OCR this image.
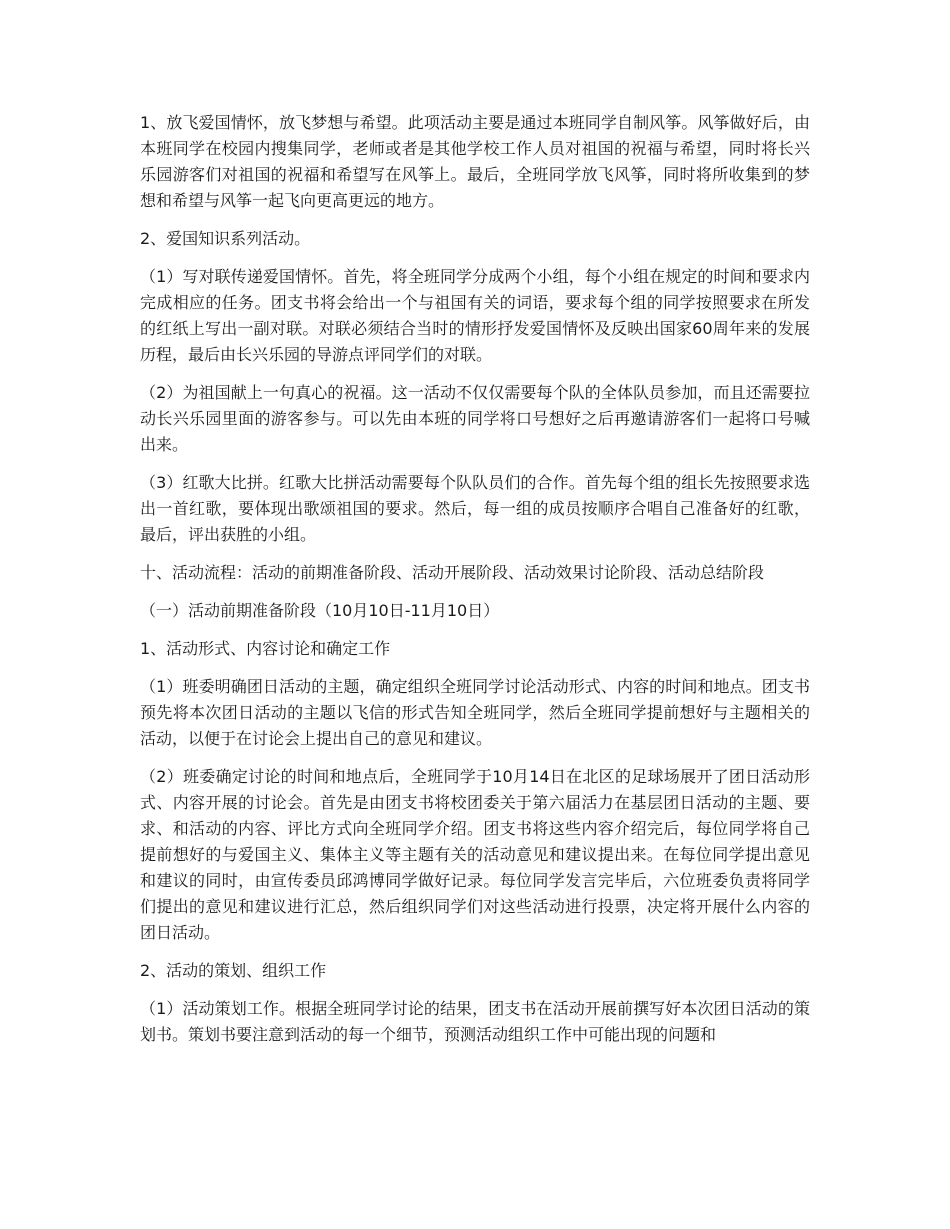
1、放飞爱国情怀，放飞梦想与希望。此项活动主要是通过本班同学自制风筝。风筝做好后，由本班同学在校园内搜集同学，老师或者是其他学校工作人员对祖国的祝福与希望，同时将长兴乐园游客们对祖国的祝福和希望写在风筝上。最后，全班同学放飞风筝，同时将所收集到的梦想和希望与风筝一起飞向更高更远的地方。

2、爱国知识系列活动。

（1）写对联传递爱国情怀。首先，将全班同学分成两个小组，每个小组在规定的时间和要求内完成相应的任务。团支书将会给出一个与祖国有关的词语，要求每个组的同学按照要求在所发的红纸上写出一副对联。对联必须结合当时的情形抒发爱国情怀及反映出国家60周年来的发展历程，最后由长兴乐园的导游点评同学们的对联。

（2）为祖国献上一句真心的祝福。这一活动不仅仅需要每个队的全体队员参加，而且还需要拉动长兴乐园里面的游客参与。可以先由本班的同学将口号想好之后再邀请游客们一起将口号喊出来。

（3）红歌大比拼。红歌大比拼活动需要每个队队员们的合作。首先每个组的组长先按照要求选出一首红歌，要体现出歌颂祖国的要求。然后，每一组的成员按顺序合唱自己准备好的红歌，最后，评出获胜的小组。

十、活动流程：活动的前期准备阶段、活动开展阶段、活动效果讨论阶段、活动总结阶段

（一）活动前期准备阶段（10月10日-11月10日）

1、活动形式、内容讨论和确定工作

（1）班委明确团日活动的主题，确定组织全班同学讨论活动形式、内容的时间和地点。团支书预先将本次团日活动的主题以飞信的形式告知全班同学，然后全班同学提前想好与主题相关的活动，以便于在讨论会上提出自己的意见和建议。

（2）班委确定讨论的时间和地点后，全班同学于10月14日在北区的足球场展开了团日活动形式、内容开展的讨论会。首先是由团支书将校团委关于第六届活力在基层团日活动的主题、要求、和活动的内容、评比方式向全班同学介绍。团支书将这些内容介绍完后，每位同学将自己提前想好的与爱国主义、集体主义等主题有关的活动意见和建议提出来。在每位同学提出意见和建议的同时，由宣传委员邱鸿博同学做好记录。每位同学发言完毕后，六位班委负责将同学们提出的意见和建议进行汇总，然后组织同学们对这些活动进行投票，决定将开展什么内容的团日活动。

2、活动的策划、组织工作

（1）活动策划工作。根据全班同学讨论的结果，团支书在活动开展前撰写好本次团日活动的策划书。策划书要注意到活动的每一个细节，预测活动组织工作中可能出现的问题和
